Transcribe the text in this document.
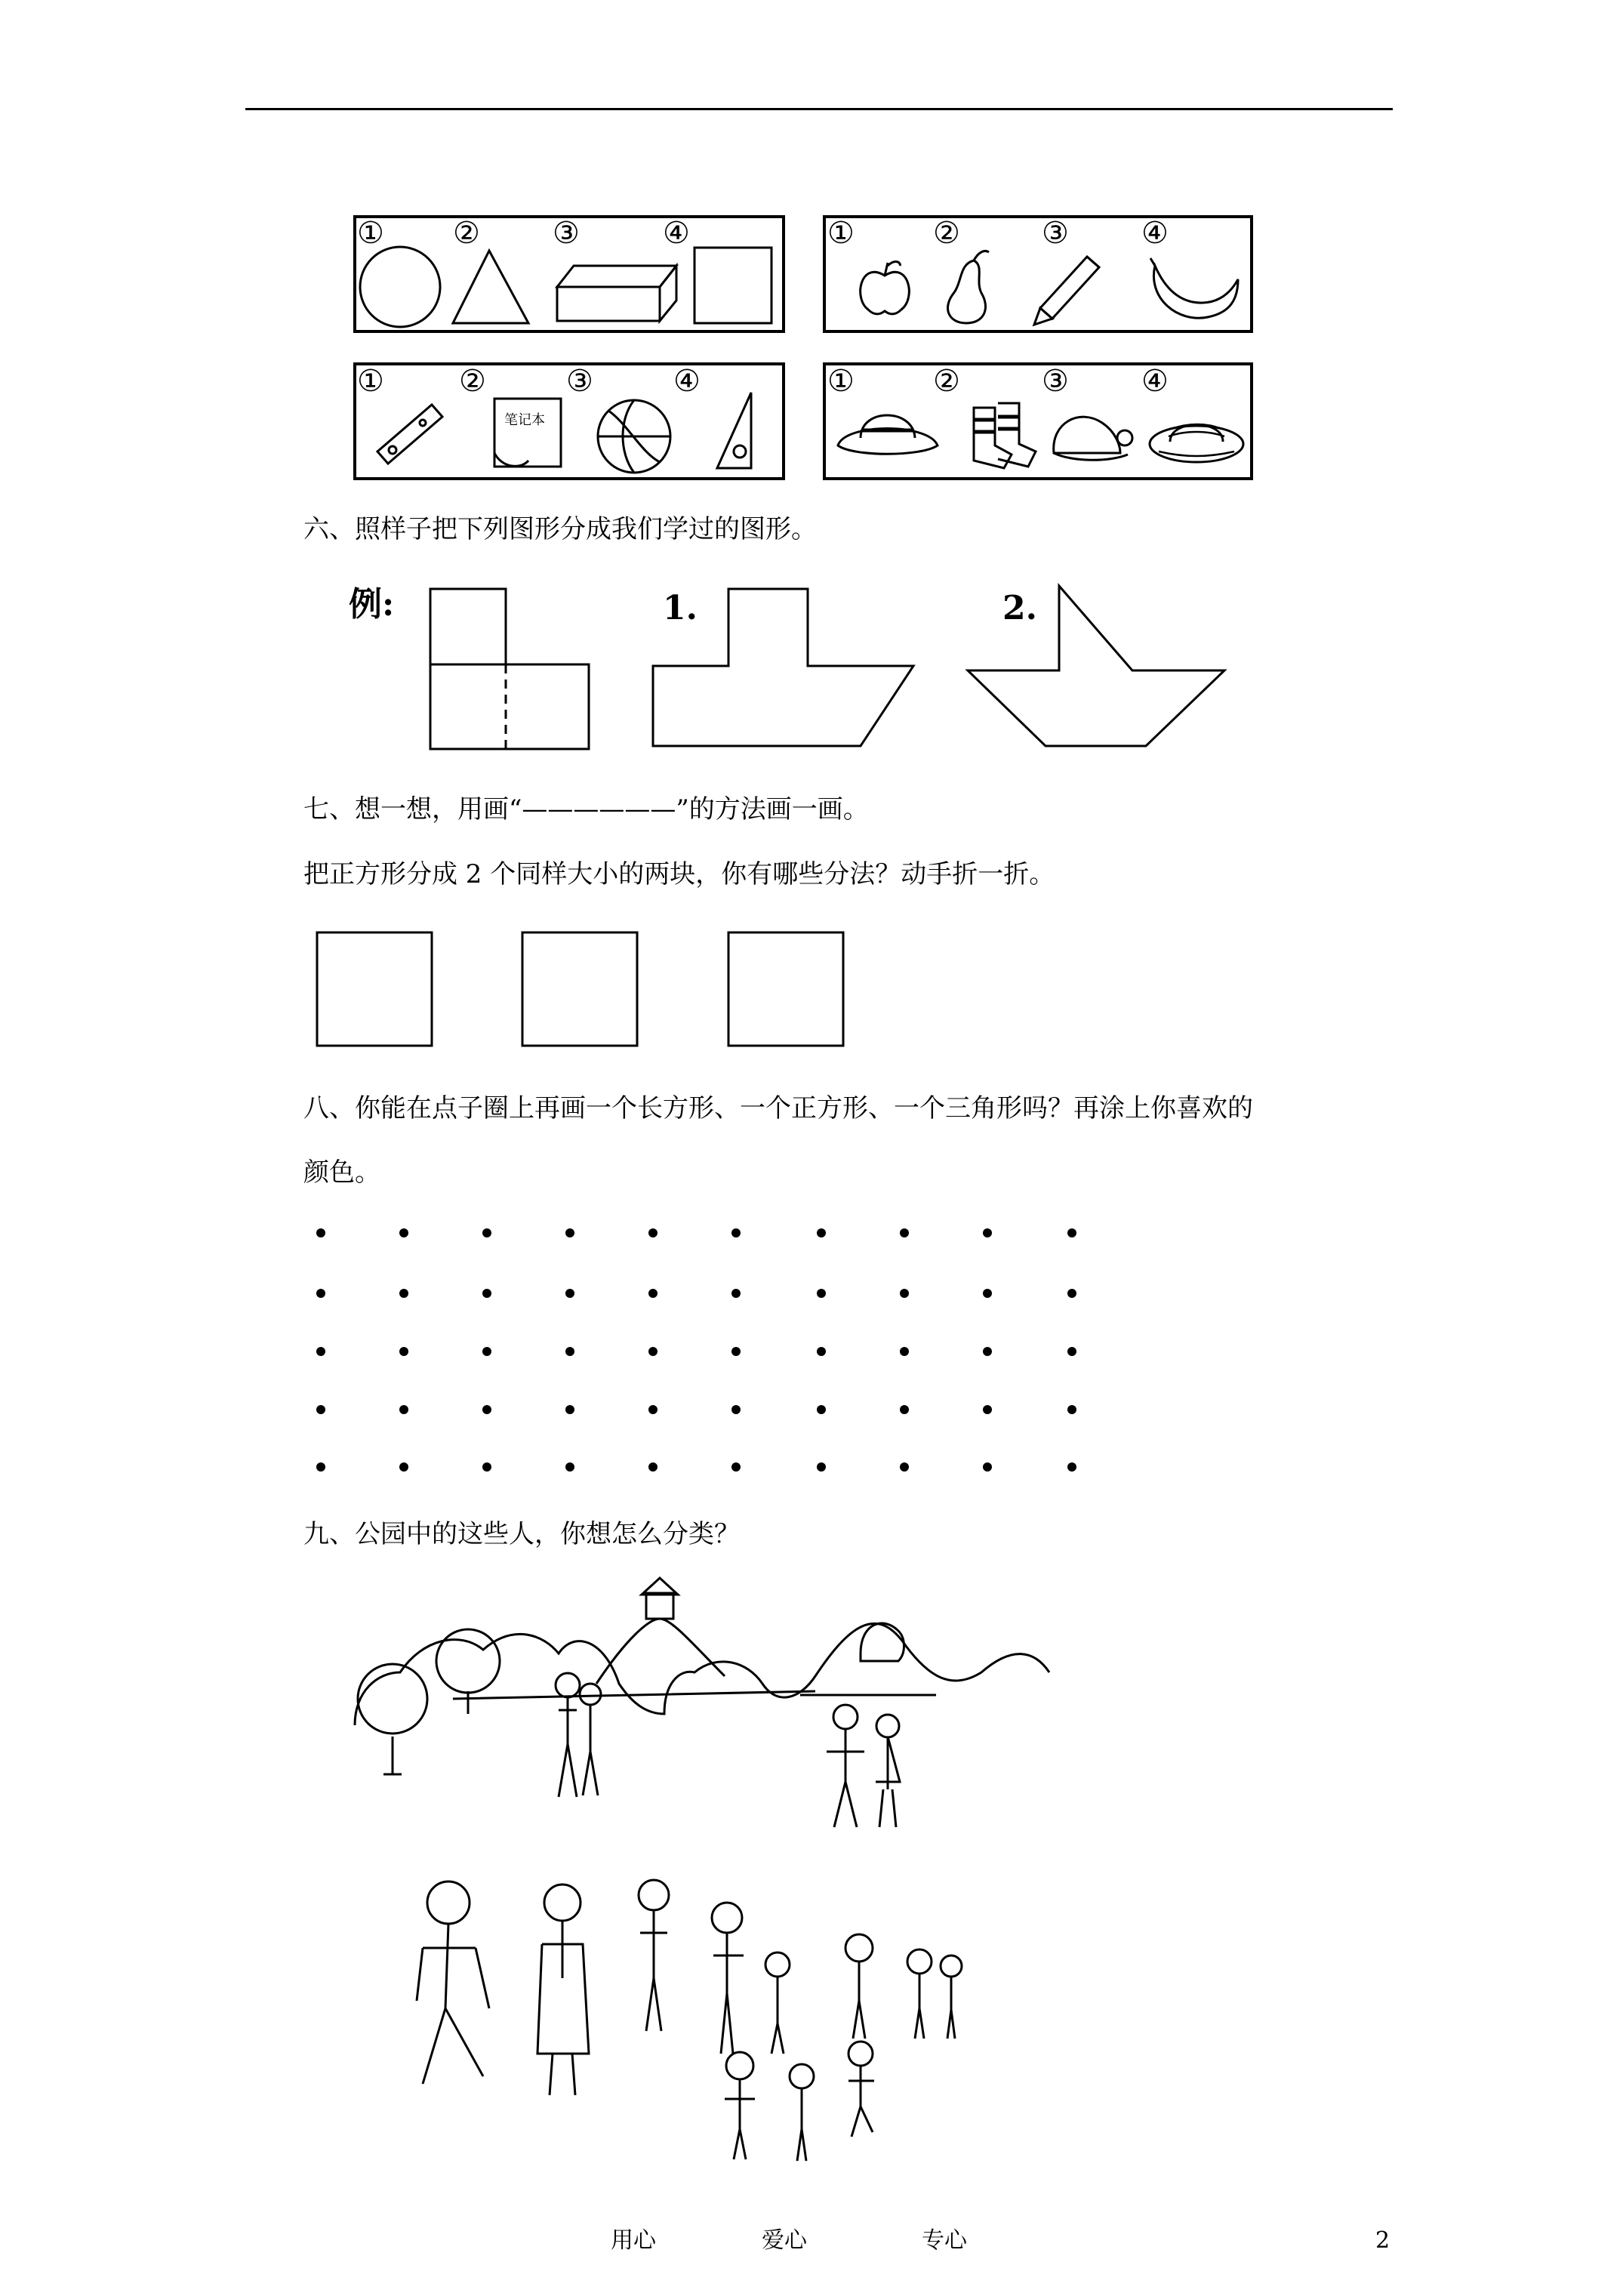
① ② ③	④	①	②	③ ④
① ②	③	④
笔记本
①	②	③ ④
六、照样子把下列图形分成我们学过的图形。
例:	1.	2.
七、想一想，用画“——————”的方法画一画。
把正方形分成 2 个同样大小的两块，你有哪些分法？动手折一折。
八、你能在点子圈上再画一个长方形、一个正方形、一个三角形吗？再涂上你喜欢的
颜色。
九、公园中的这些人，你想怎么分类？
用心	爱心	专心	2
